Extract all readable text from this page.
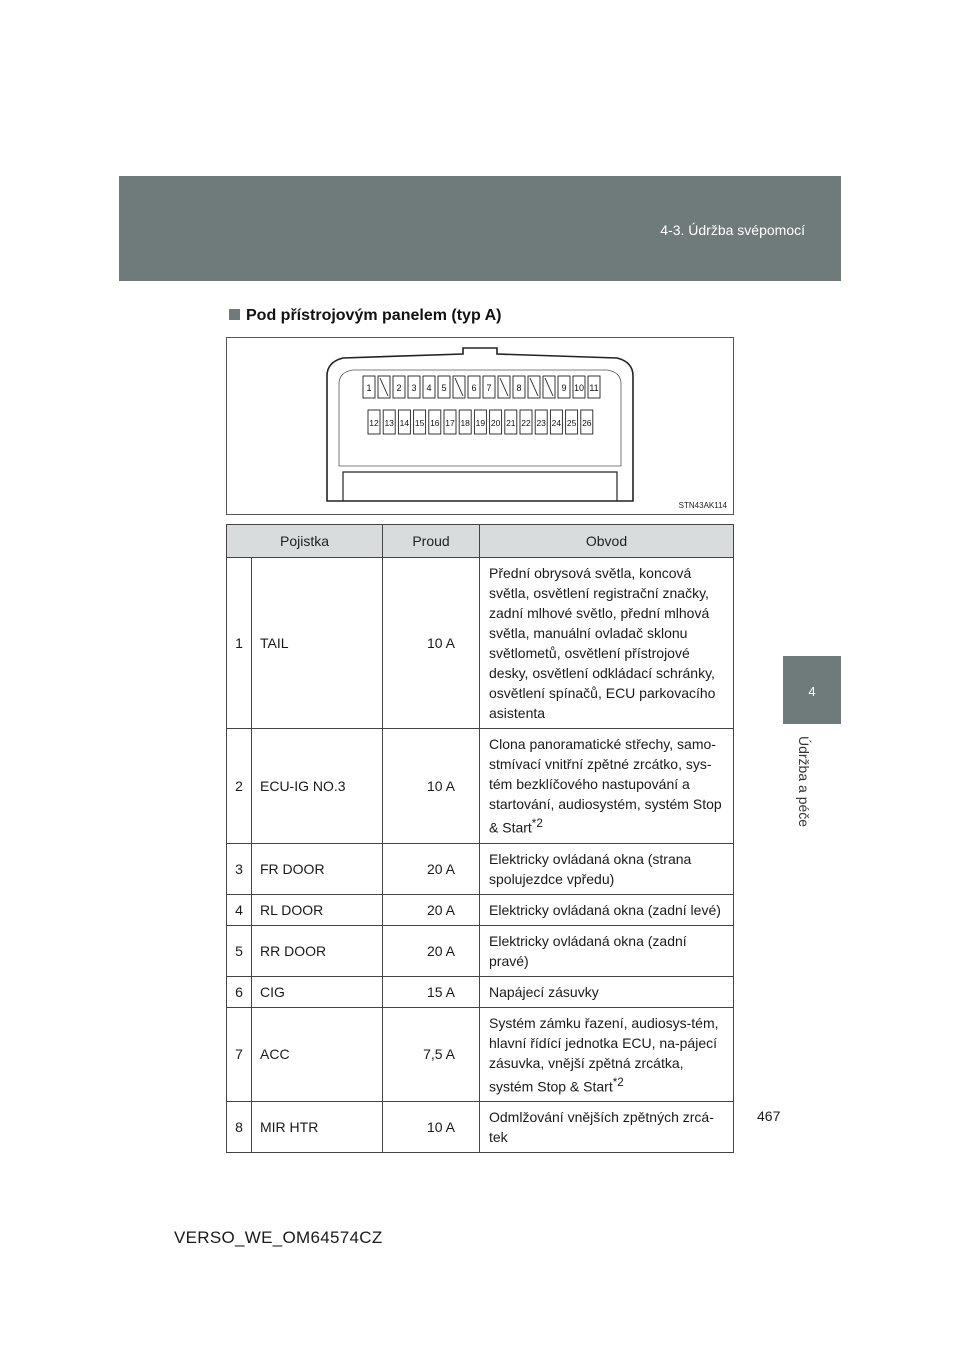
4-3. Údržba svépomocí
4
Údržba a péče
Pod přístrojovým panelem (typ A)
1	2 3 4 5	6 7	8	9 10 11
12 13 14 15 16 17 18 19 20 21 22 23 24 25 26
STN43AK114
Pojistka		Proud	Obvod
1	TAIL	10 A	Přední obrysová světla, koncová světla, osvětlení registrační značky, zadní mlhové světlo, přední mlhová světla, manuální ovladač sklonu světlometů, osvětlení přístrojové desky, osvětlení odkládací schránky, osvětlení spínačů, ECU parkovacího asistenta
2	ECU-IG NO.3	10 A	Clona panoramatické střechy, samo-stmívací vnitřní zpětné zrcátko, sys-tém bezklíčového nastupování a startování, audiosystém, systém Stop & Start$^{*2}$
3	FR DOOR	20 A	Elektricky ovládaná okna (strana spolujezdce vpředu)
4	RL DOOR	20 A	Elektricky ovládaná okna (zadní levé)
5	RR DOOR	20 A	Elektricky ovládaná okna (zadní pravé)
6	CIG	15 A	Napájecí zásuvky
7	ACC	7,5 A	Systém zámku řazení, audiosys-tém, hlavní řídící jednotka ECU, na-pájecí zásuvka, vnější zpětná zrcátka, systém Stop & Start$^{*2}$
8	MIR HTR	10 A	Odmlžování vnějších zpětných zrcá-tek
467
VERSO_WE_OM64574CZ
